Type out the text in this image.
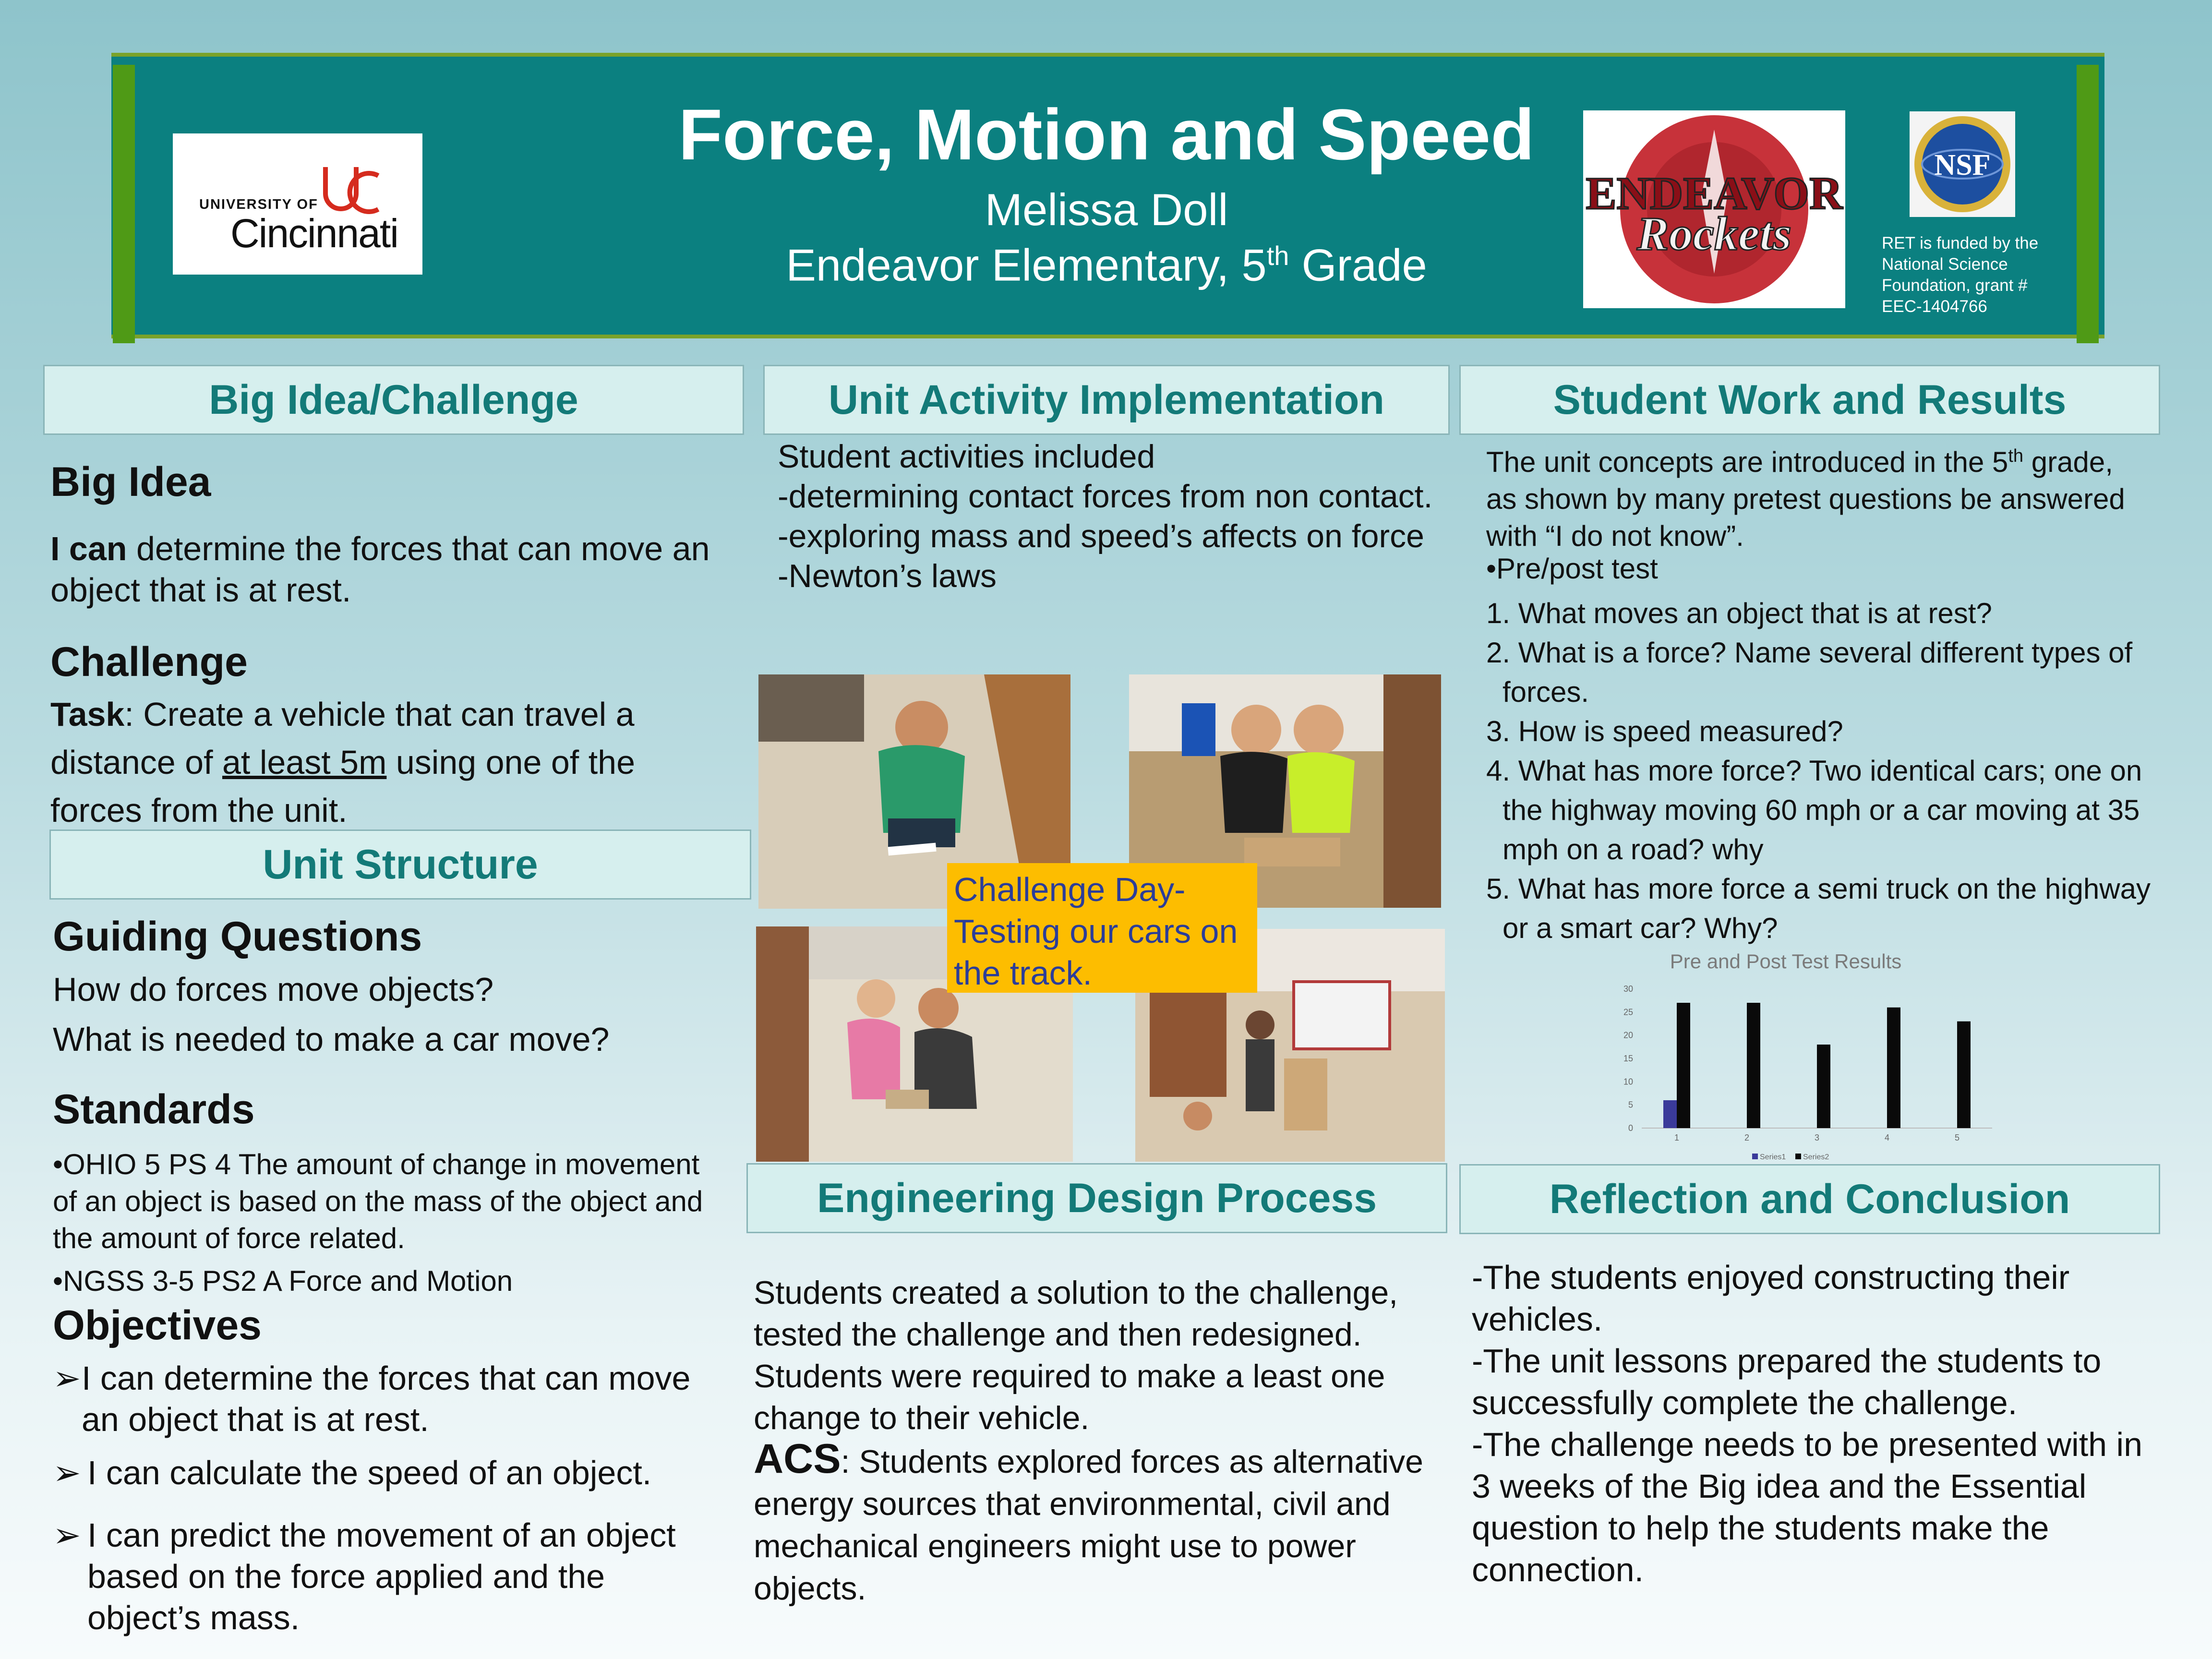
UNIVERSITY OF
Cincinnati
Force, Motion and Speed
Melissa Doll
Endeavor Elementary, 5th Grade
ENDEAVOR
Rockets
NSF
RET is funded by the National Science Foundation, grant # EEC-1404766
Big Idea/Challenge
Big Idea
I can determine the forces that can move an object that is at rest.
Challenge
Task: Create a vehicle that can travel a distance of at least 5m using one of the forces from the unit.
Unit Structure
Guiding Questions
How do forces move objects?
What is needed to make a car move?
Standards
•OHIO 5 PS 4 The amount of change in movement of an object is based on the mass of the object and the amount of force related.
•NGSS 3-5 PS2 A Force and Motion
Objectives
➢ I can determine the forces that can move an object that is at rest.
➢ I can calculate the speed of an object.
➢ I can predict the movement of an object based on the force applied and the object’s mass.
Unit Activity Implementation
Student activities included
-determining contact forces from non contact.
-exploring mass and speed’s affects on force
-Newton’s laws
Challenge Day- Testing our cars on the track.
Engineering Design Process
Students created a solution to the challenge, tested the challenge and then redesigned. Students were required to make a least one change to their vehicle.
ACS: Students explored forces as alternative energy sources that environmental, civil and mechanical engineers might use to power objects.
Student Work and Results
The unit concepts are introduced in the 5th grade, as shown by many pretest questions be answered with “I do not know”.
•Pre/post test
1. What moves an object that is at rest?
2. What is a force? Name several different types of forces.
3. How is speed measured?
4. What has more force? Two identical cars; one on the highway moving 60 mph or a car moving at 35 mph on a road? why
5. What has more force a semi truck on the highway or a smart car? Why?
Pre and Post Test Results
0
5
10
15
20
25
30
1	2	3	4	5
Series1 Series2
Reflection and Conclusion
-The students enjoyed constructing their vehicles.
-The unit lessons prepared the students to successfully complete the challenge.
-The challenge needs to be presented with in 3 weeks of the Big idea and the Essential question to help the students make the connection.
